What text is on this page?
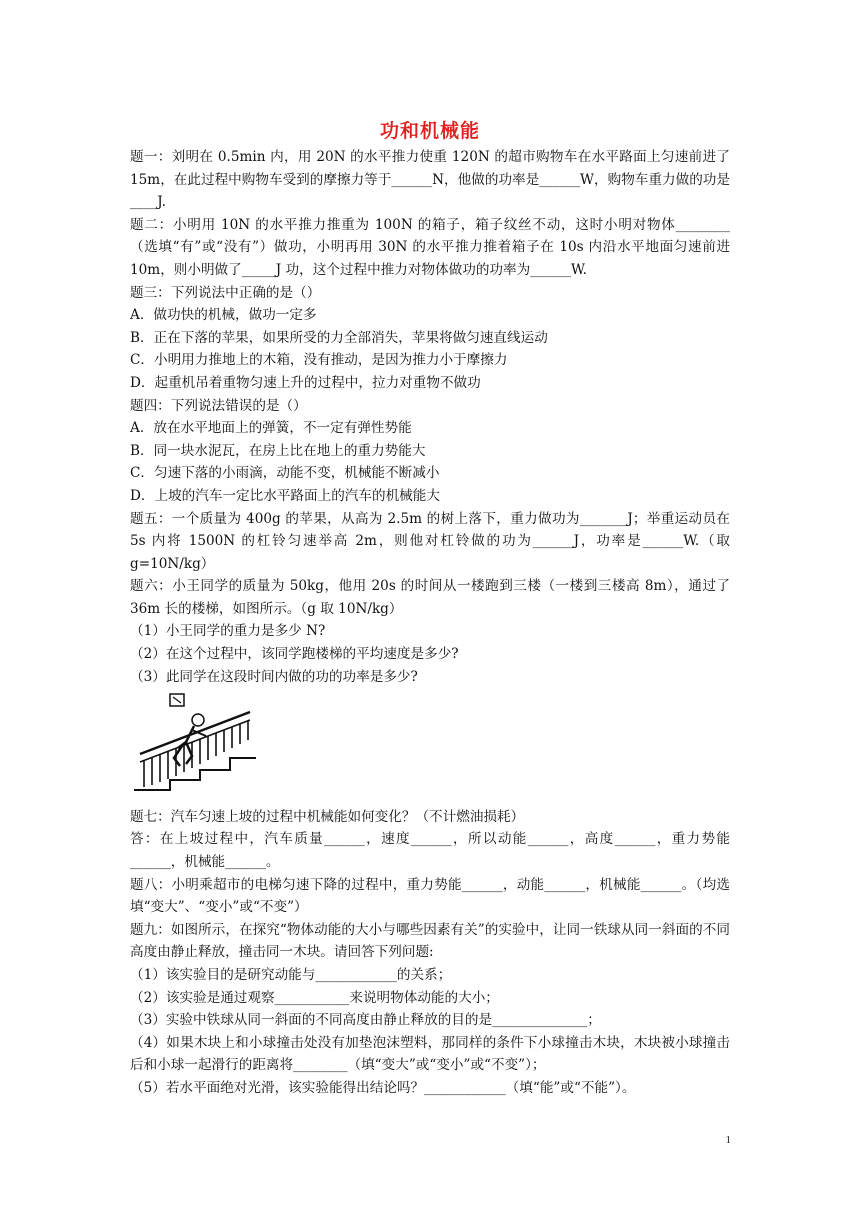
功和机械能

题一：刘明在 0.5min 内，用 20N 的水平推力使重 120N 的超市购物车在水平路面上匀速前进了 15m，在此过程中购物车受到的摩擦力等于______N，他做的功率是______W，购物车重力做的功是____J.

题二：小明用 10N 的水平推力推重为 100N 的箱子，箱子纹丝不动，这时小明对物体________（选填“有”或“没有”）做功，小明再用 30N 的水平推力推着箱子在 10s 内沿水平地面匀速前进 10m，则小明做了_____J 功，这个过程中推力对物体做功的功率为______W.

题三：下列说法中正确的是（）

A．做功快的机械，做功一定多

B．正在下落的苹果，如果所受的力全部消失，苹果将做匀速直线运动

C．小明用力推地上的木箱，没有推动，是因为推力小于摩擦力

D．起重机吊着重物匀速上升的过程中，拉力对重物不做功

题四：下列说法错误的是（）

A．放在水平地面上的弹簧，不一定有弹性势能

B．同一块水泥瓦，在房上比在地上的重力势能大

C．匀速下落的小雨滴，动能不变，机械能不断减小

D．上坡的汽车一定比水平路面上的汽车的机械能大

题五：一个质量为 400g 的苹果，从高为 2.5m 的树上落下，重力做功为_______J；举重运动员在 5s 内将 1500N 的杠铃匀速举高 2m，则他对杠铃做的功为______J，功率是______W.（取 g=10N/kg）

题六：小王同学的质量为 50kg，他用 20s 的时间从一楼跑到三楼（一楼到三楼高 8m），通过了 36m 长的楼梯，如图所示。（g 取 10N/kg）

（1）小王同学的重力是多少 N?

（2）在这个过程中，该同学跑楼梯的平均速度是多少?

（3）此同学在这段时间内做的功的功率是多少?

题七：汽车匀速上坡的过程中机械能如何变化？（不计燃油损耗）

答：在上坡过程中，汽车质量______，速度______，所以动能______，高度______，重力势能______，机械能______。

题八：小明乘超市的电梯匀速下降的过程中，重力势能______，动能______，机械能______。（均选填“变大”、“变小”或“不变”）

题九：如图所示，在探究“物体动能的大小与哪些因素有关”的实验中，让同一铁球从同一斜面的不同高度由静止释放，撞击同一木块。请回答下列问题:

（1）该实验目的是研究动能与____________的关系；

（2）该实验是通过观察___________来说明物体动能的大小；

（3）实验中铁球从同一斜面的不同高度由静止释放的目的是______________；

（4）如果木块上和小球撞击处没有加垫泡沫塑料，那同样的条件下小球撞击木块，木块被小球撞击后和小球一起滑行的距离将________（填“变大”或“变小”或“不变”）；

（5）若水平面绝对光滑，该实验能得出结论吗？____________（填“能”或“不能”）。

1
